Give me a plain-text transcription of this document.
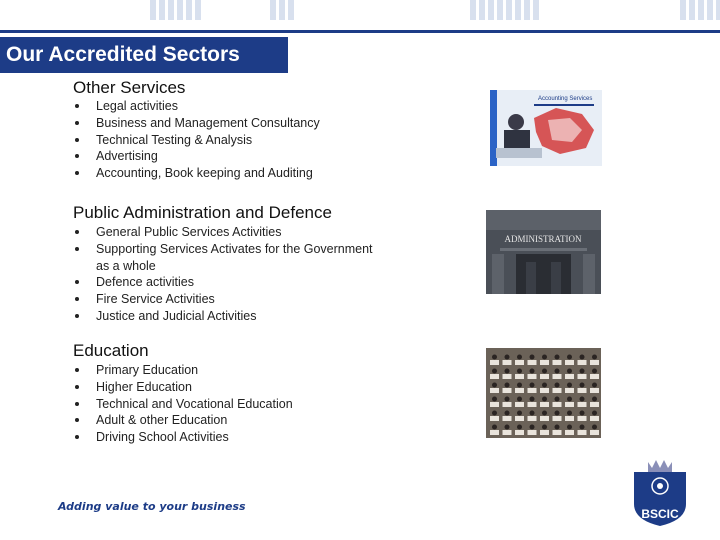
Our Accredited Sectors
Other Services
Legal activities
Business and Management Consultancy
Technical Testing & Analysis
Advertising
Accounting, Book keeping and Auditing
Accounting Services
Public Administration and Defence
General Public Services Activities
Supporting Services Activates for the Government
as a whole
Defence activities
Fire Service Activities
Justice and Judicial Activities
ADMINISTRATION
Education
Primary Education
Higher Education
Technical and Vocational Education
Adult & other Education
Driving School Activities
Adding value to your business
BSCIC
